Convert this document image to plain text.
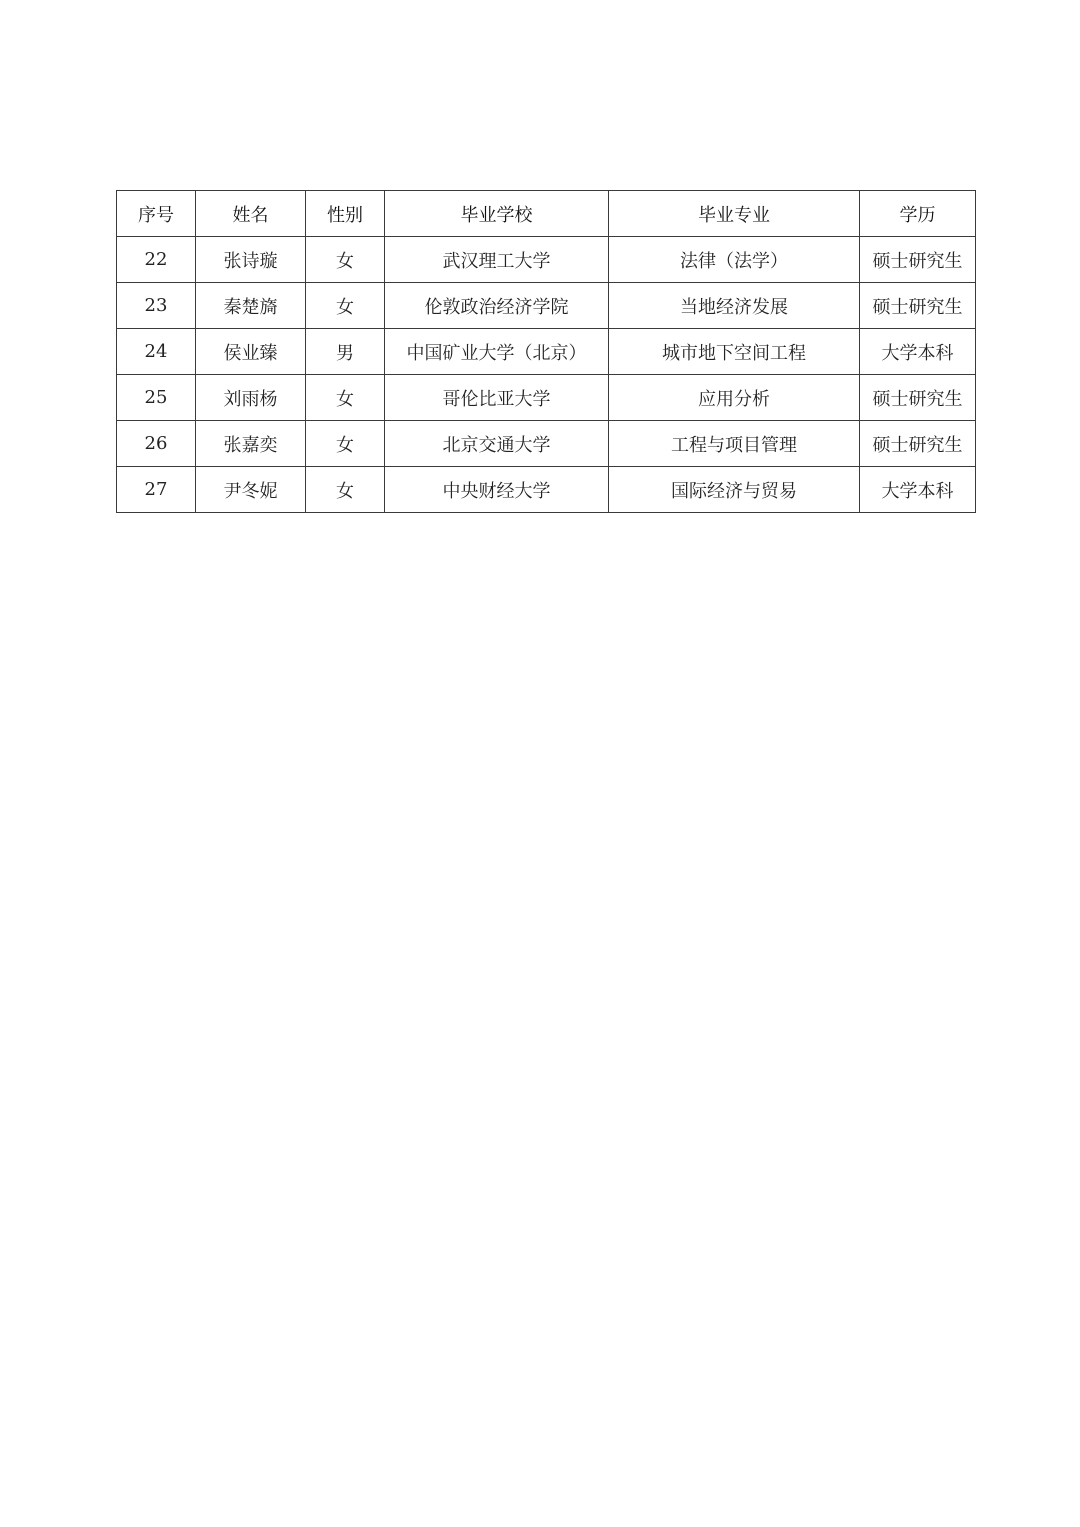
序号	姓名	性别	毕业学校	毕业专业	学历
22	张诗璇	女	武汉理工大学	法律（法学）	硕士研究生
23	秦楚旖	女	伦敦政治经济学院	当地经济发展	硕士研究生
24	侯业臻	男	中国矿业大学（北京）	城市地下空间工程	大学本科
25	刘雨杨	女	哥伦比亚大学	应用分析	硕士研究生
26	张嘉奕	女	北京交通大学	工程与项目管理	硕士研究生
27	尹冬妮	女	中央财经大学	国际经济与贸易	大学本科
